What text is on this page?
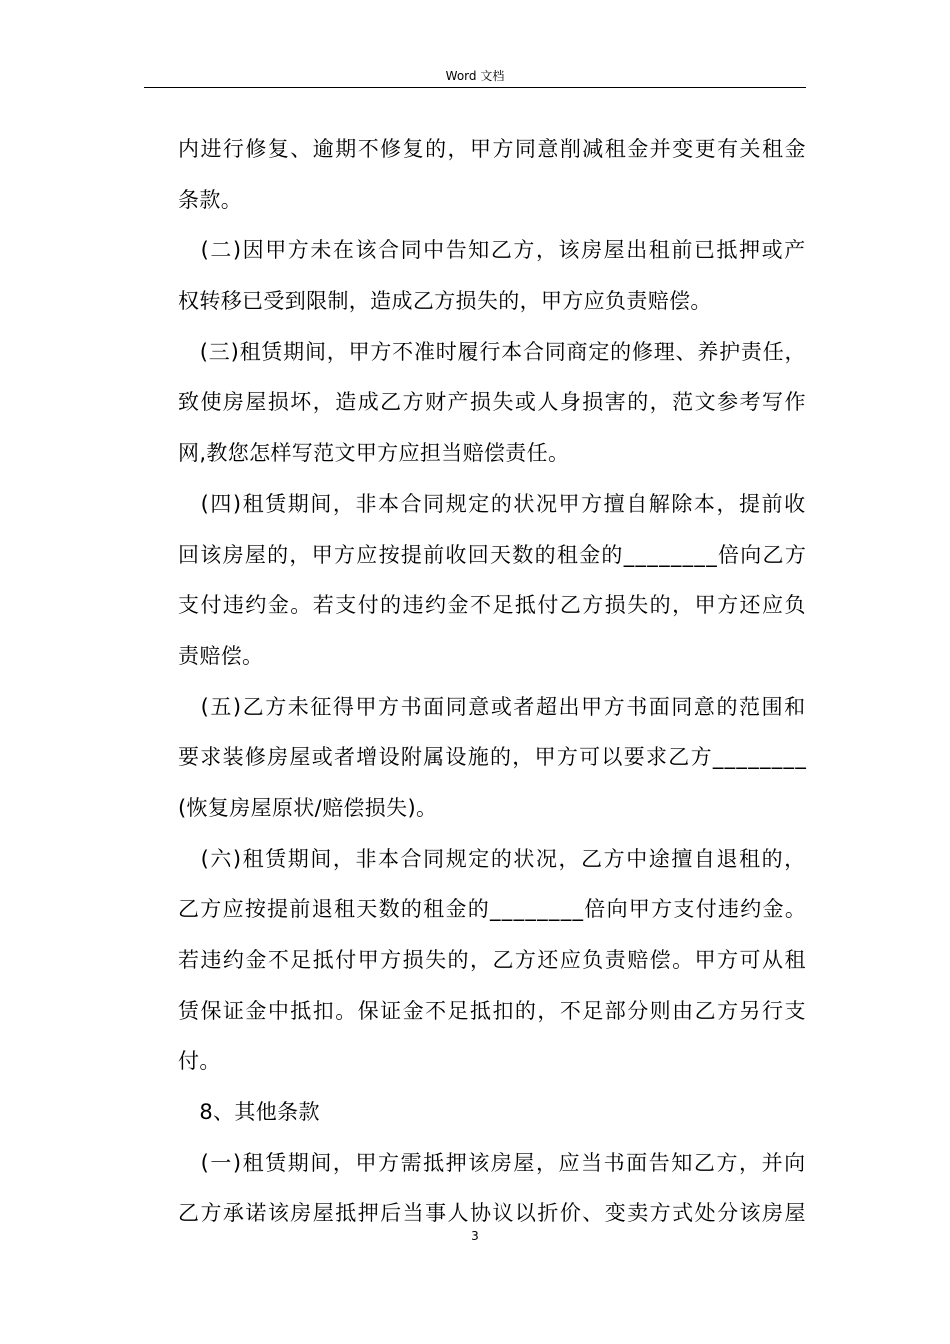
Word 文档
内进行修复、逾期不修复的，甲方同意削减租金并变更有关租金
条款。
　(二)因甲方未在该合同中告知乙方，该房屋出租前已抵押或产
权转移已受到限制，造成乙方损失的，甲方应负责赔偿。
　(三)租赁期间，甲方不准时履行本合同商定的修理、养护责任，
致使房屋损坏，造成乙方财产损失或人身损害的，范文参考写作
网,教您怎样写范文甲方应担当赔偿责任。
　(四)租赁期间，非本合同规定的状况甲方擅自解除本，提前收
回该房屋的，甲方应按提前收回天数的租金的________倍向乙方
支付违约金。若支付的违约金不足抵付乙方损失的，甲方还应负
责赔偿。
　(五)乙方未征得甲方书面同意或者超出甲方书面同意的范围和
要求装修房屋或者增设附属设施的，甲方可以要求乙方________
(恢复房屋原状/赔偿损失)。
　(六)租赁期间，非本合同规定的状况，乙方中途擅自退租的，
乙方应按提前退租天数的租金的________倍向甲方支付违约金。
若违约金不足抵付甲方损失的，乙方还应负责赔偿。甲方可从租
赁保证金中抵扣。保证金不足抵扣的，不足部分则由乙方另行支
付。
　8、其他条款
　(一)租赁期间，甲方需抵押该房屋，应当书面告知乙方，并向
乙方承诺该房屋抵押后当事人协议以折价、变卖方式处分该房屋
3
